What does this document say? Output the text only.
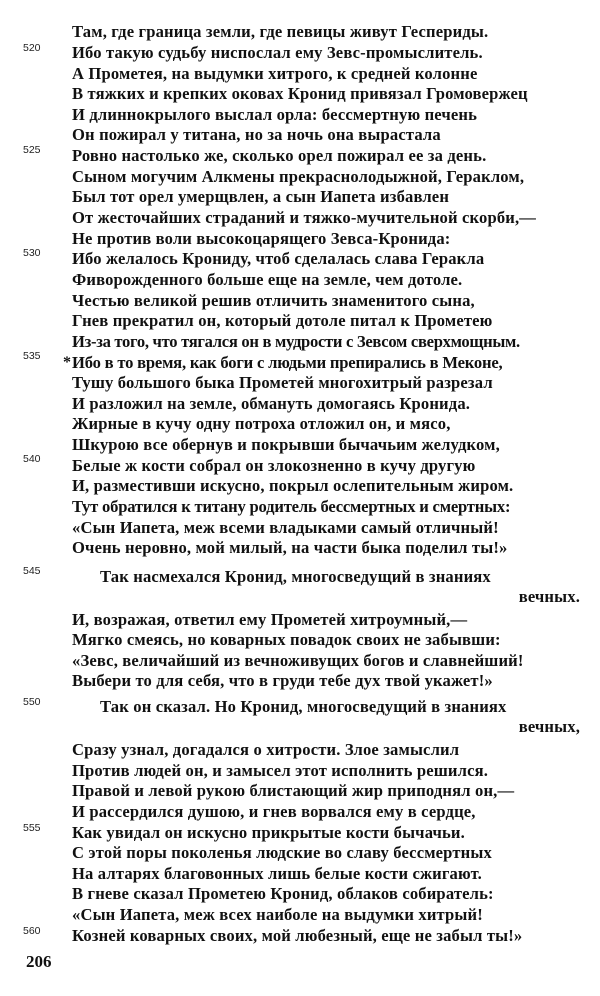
520
525
530
535
540
545
550
555
560
*
Там, где граница земли, где певицы живут Геспериды.
Ибо такую судьбу ниспослал ему Зевс-промыслитель.
А Прометея, на выдумки хитрого, к средней колонне
В тяжких и крепких оковах Кронид привязал Громовержец
И длиннокрылого выслал орла: бессмертную печень
Он пожирал у титана, но за ночь она вырастала
Ровно настолько же, сколько орел пожирал ее за день.
Сыном могучим Алкмены прекраснолодыжной, Гераклом,
Был тот орел умерщвлен, а сын Иапета избавлен
От жесточайших страданий и тяжко-мучительной скорби,—
Не против воли высокоцарящего Зевса-Кронида:
Ибо желалось Крониду, чтоб сделалась слава Геракла
Фиворожденного больше еще на земле, чем дотоле.
Честью великой решив отличить знаменитого сына,
Гнев прекратил он, который дотоле питал к Прометею
Из-за того, что тягался он в мудрости с Зевсом сверхмощным.
Ибо в то время, как боги с людьми препирались в Меконе,
Тушу большого быка Прометей многохитрый разрезал
И разложил на земле, обмануть домогаясь Кронида.
Жирные в кучу одну потроха отложил он, и мясо,
Шкурою все обернув и покрывши бычачьим желудком,
Белые ж кости собрал он злокозненно в кучу другую
И, разместивши искусно, покрыл ослепительным жиром.
Тут обратился к титану родитель бессмертных и смертных:
«Сын Иапета, меж всеми владыками самый отличный!
Очень неровно, мой милый, на части быка поделил ты!»
Так насмехался Кронид, многосведущий в знаниях
вечных.
И, возражая, ответил ему Прометей хитроумный,—
Мягко смеясь, но коварных повадок своих не забывши:
«Зевс, величайший из вечноживущих богов и славнейший!
Выбери то для себя, что в груди тебе дух твой укажет!»
Так он сказал. Но Кронид, многосведущий в знаниях
вечных,
Сразу узнал, догадался о хитрости. Злое замыслил
Против людей он, и замысел этот исполнить решился.
Правой и левой рукою блистающий жир приподнял он,—
И рассердился душою, и гнев ворвался ему в сердце,
Как увидал он искусно прикрытые кости бычачьи.
С этой поры поколенья людские во славу бессмертных
На алтарях благовонных лишь белые кости сжигают.
В гневе сказал Прометею Кронид, облаков собиратель:
«Сын Иапета, меж всех наиболе на выдумки хитрый!
Козней коварных своих, мой любезный, еще не забыл ты!»
206
